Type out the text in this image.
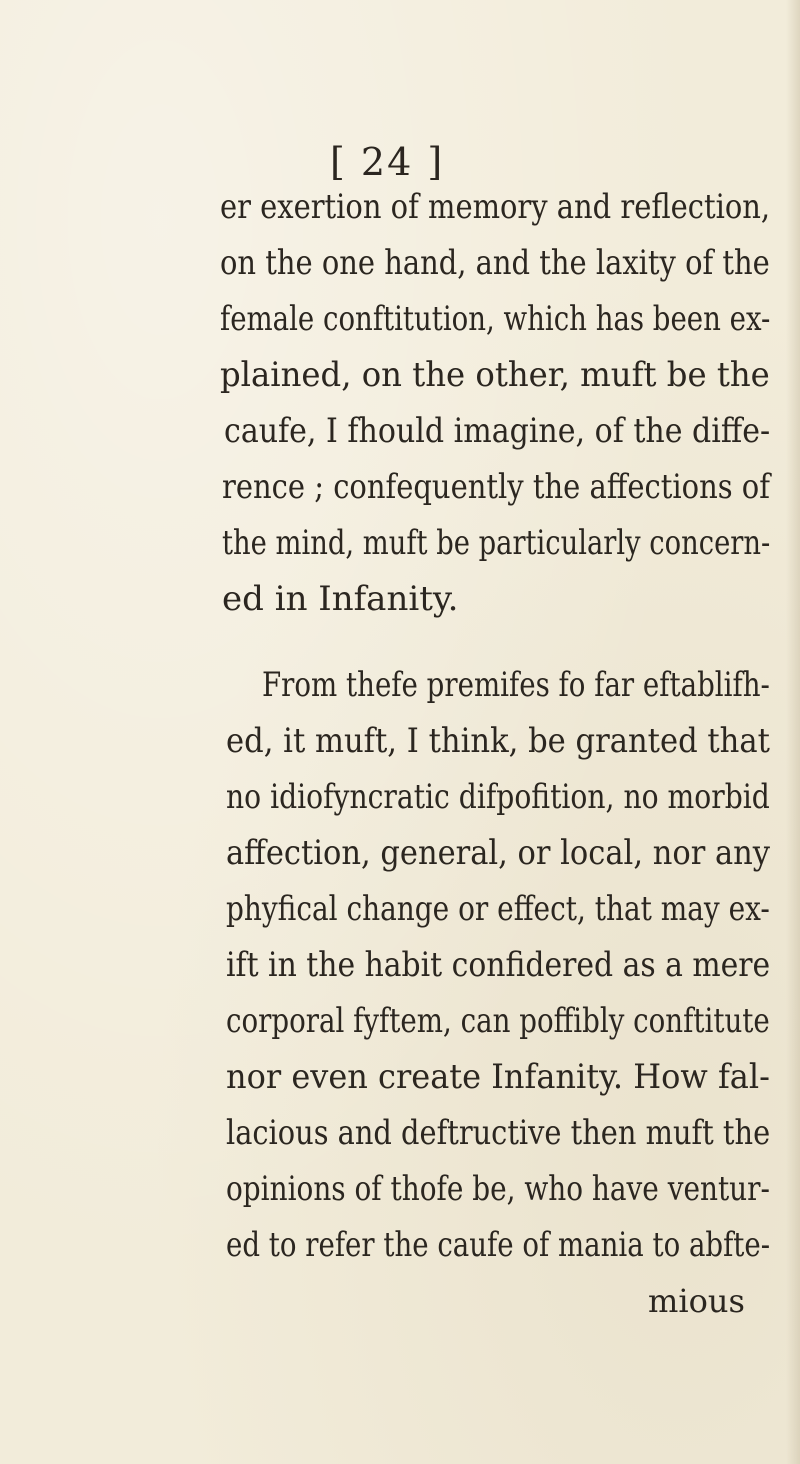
[ 24 ]
er exertion of memory and reflection,
on the one hand, and the laxity of the
female conftitution, which has been ex-
plained, on the other, muft be the
caufe, I fhould imagine, of the diffe-
rence ; confequently the affections of
the mind, muft be particularly concern-
ed in Infanity.
From thefe premifes fo far eftablifh-
ed, it muft, I think, be granted that
no idiofyncratic difpofition, no morbid
affection, general, or local, nor any
phyfical change or effect, that may ex-
ift in the habit confidered as a mere
corporal fyftem, can poffibly conftitute
nor even create Infanity. How fal-
lacious and deftructive then muft the
opinions of thofe be, who have ventur-
ed to refer the caufe of mania to abfte-
mious
